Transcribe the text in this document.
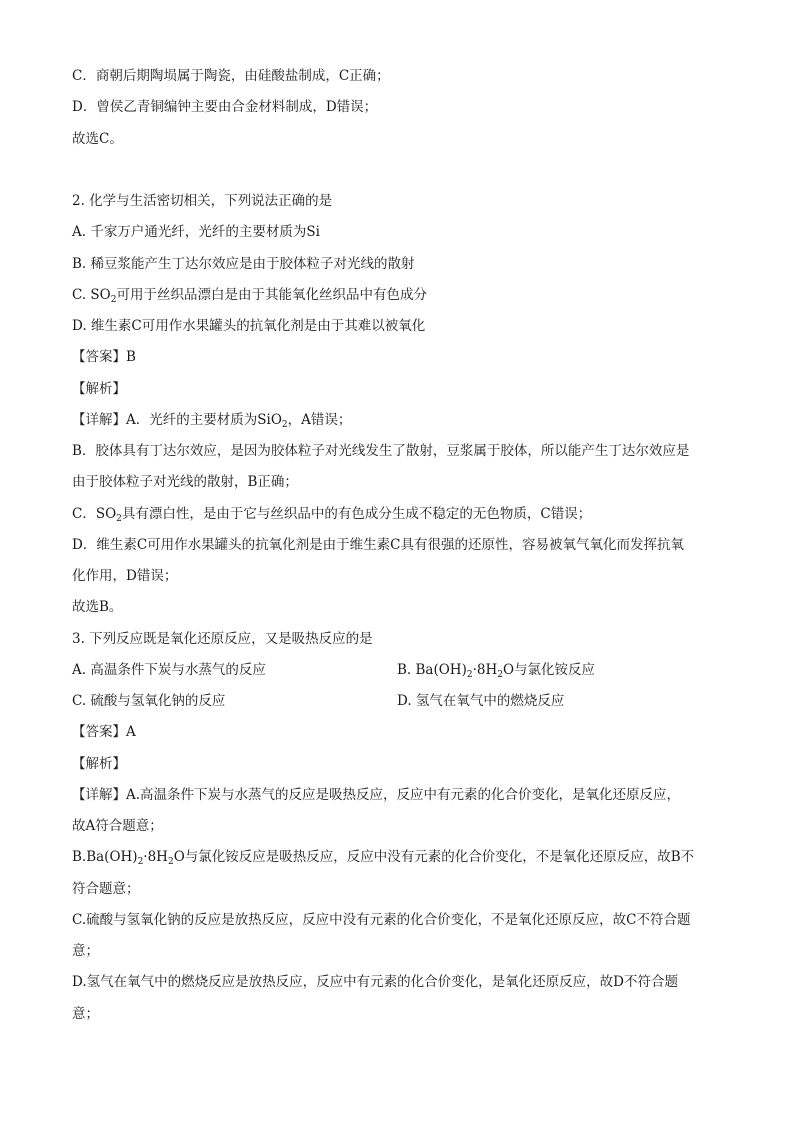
C．商朝后期陶埙属于陶瓷，由硅酸盐制成，C正确；
D．曾侯乙青铜编钟主要由合金材料制成，D错误；
故选C。
2. 化学与生活密切相关，下列说法正确的是
A. 千家万户通光纤，光纤的主要材质为Si
B. 稀豆浆能产生丁达尔效应是由于胶体粒子对光线的散射
C. $SO_2$可用于丝织品漂白是由于其能氧化丝织品中有色成分
D. 维生素C可用作水果罐头的抗氧化剂是由于其难以被氧化
【答案】B
【解析】
【详解】A．光纤的主要材质为SiO$_2$，A错误；
B．胶体具有丁达尔效应，是因为胶体粒子对光线发生了散射，豆浆属于胶体，所以能产生丁达尔效应是
由于胶体粒子对光线的散射，B正确；
C．$SO_2$具有漂白性，是由于它与丝织品中的有色成分生成不稳定的无色物质，C错误；
D．维生素C可用作水果罐头的抗氧化剂是由于维生素C具有很强的还原性，容易被氧气氧化而发挥抗氧
化作用，D错误；
故选B。
3. 下列反应既是氧化还原反应，又是吸热反应的是
A. 高温条件下炭与水蒸气的反应	B. $Ba(OH)_2\cdot 8H_2O$与氯化铵反应
C. 硫酸与氢氧化钠的反应	D. 氢气在氧气中的燃烧反应
【答案】A
【解析】
【详解】A.高温条件下炭与水蒸气的反应是吸热反应，反应中有元素的化合价变化，是氧化还原反应，
故A符合题意；
$B.Ba(OH)_2\cdot 8H_2O$与氯化铵反应是吸热反应，反应中没有元素的化合价变化，不是氧化还原反应，故B不
符合题意；
C.硫酸与氢氧化钠的反应是放热反应，反应中没有元素的化合价变化，不是氧化还原反应，故C不符合题
意；
D.氢气在氧气中的燃烧反应是放热反应，反应中有元素的化合价变化，是氧化还原反应，故D不符合题
意；
